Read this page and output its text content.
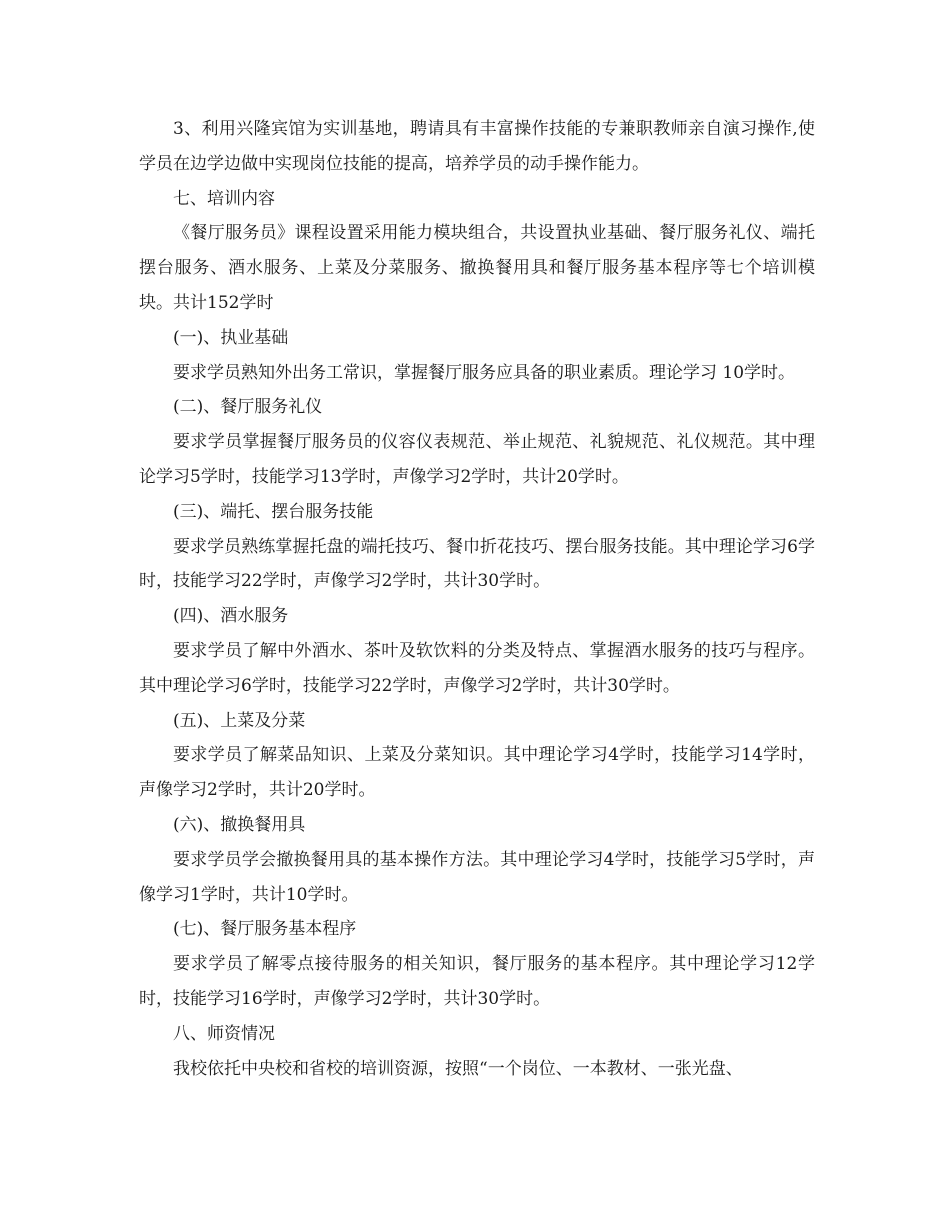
3、利用兴隆宾馆为实训基地，聘请具有丰富操作技能的专兼职教师亲自演习操作,使学员在边学边做中实现岗位技能的提高，培养学员的动手操作能力。

七、培训内容

《餐厅服务员》课程设置采用能力模块组合，共设置执业基础、餐厅服务礼仪、端托摆台服务、酒水服务、上菜及分菜服务、撤换餐用具和餐厅服务基本程序等七个培训模块。共计152学时

(一)、执业基础

要求学员熟知外出务工常识，掌握餐厅服务应具备的职业素质。理论学习 10学时。

(二)、餐厅服务礼仪

要求学员掌握餐厅服务员的仪容仪表规范、举止规范、礼貌规范、礼仪规范。其中理论学习5学时，技能学习13学时，声像学习2学时，共计20学时。

(三)、端托、摆台服务技能

要求学员熟练掌握托盘的端托技巧、餐巾折花技巧、摆台服务技能。其中理论学习6学时，技能学习22学时，声像学习2学时，共计30学时。

(四)、酒水服务

要求学员了解中外酒水、茶叶及软饮料的分类及特点、掌握酒水服务的技巧与程序。其中理论学习6学时，技能学习22学时，声像学习2学时，共计30学时。

(五)、上菜及分菜

要求学员了解菜品知识、上菜及分菜知识。其中理论学习4学时，技能学习14学时，声像学习2学时，共计20学时。

(六)、撤换餐用具

要求学员学会撤换餐用具的基本操作方法。其中理论学习4学时，技能学习5学时，声像学习1学时，共计10学时。

(七)、餐厅服务基本程序

要求学员了解零点接待服务的相关知识，餐厅服务的基本程序。其中理论学习12学时，技能学习16学时，声像学习2学时，共计30学时。

八、师资情况

我校依托中央校和省校的培训资源，按照“一个岗位、一本教材、一张光盘、
